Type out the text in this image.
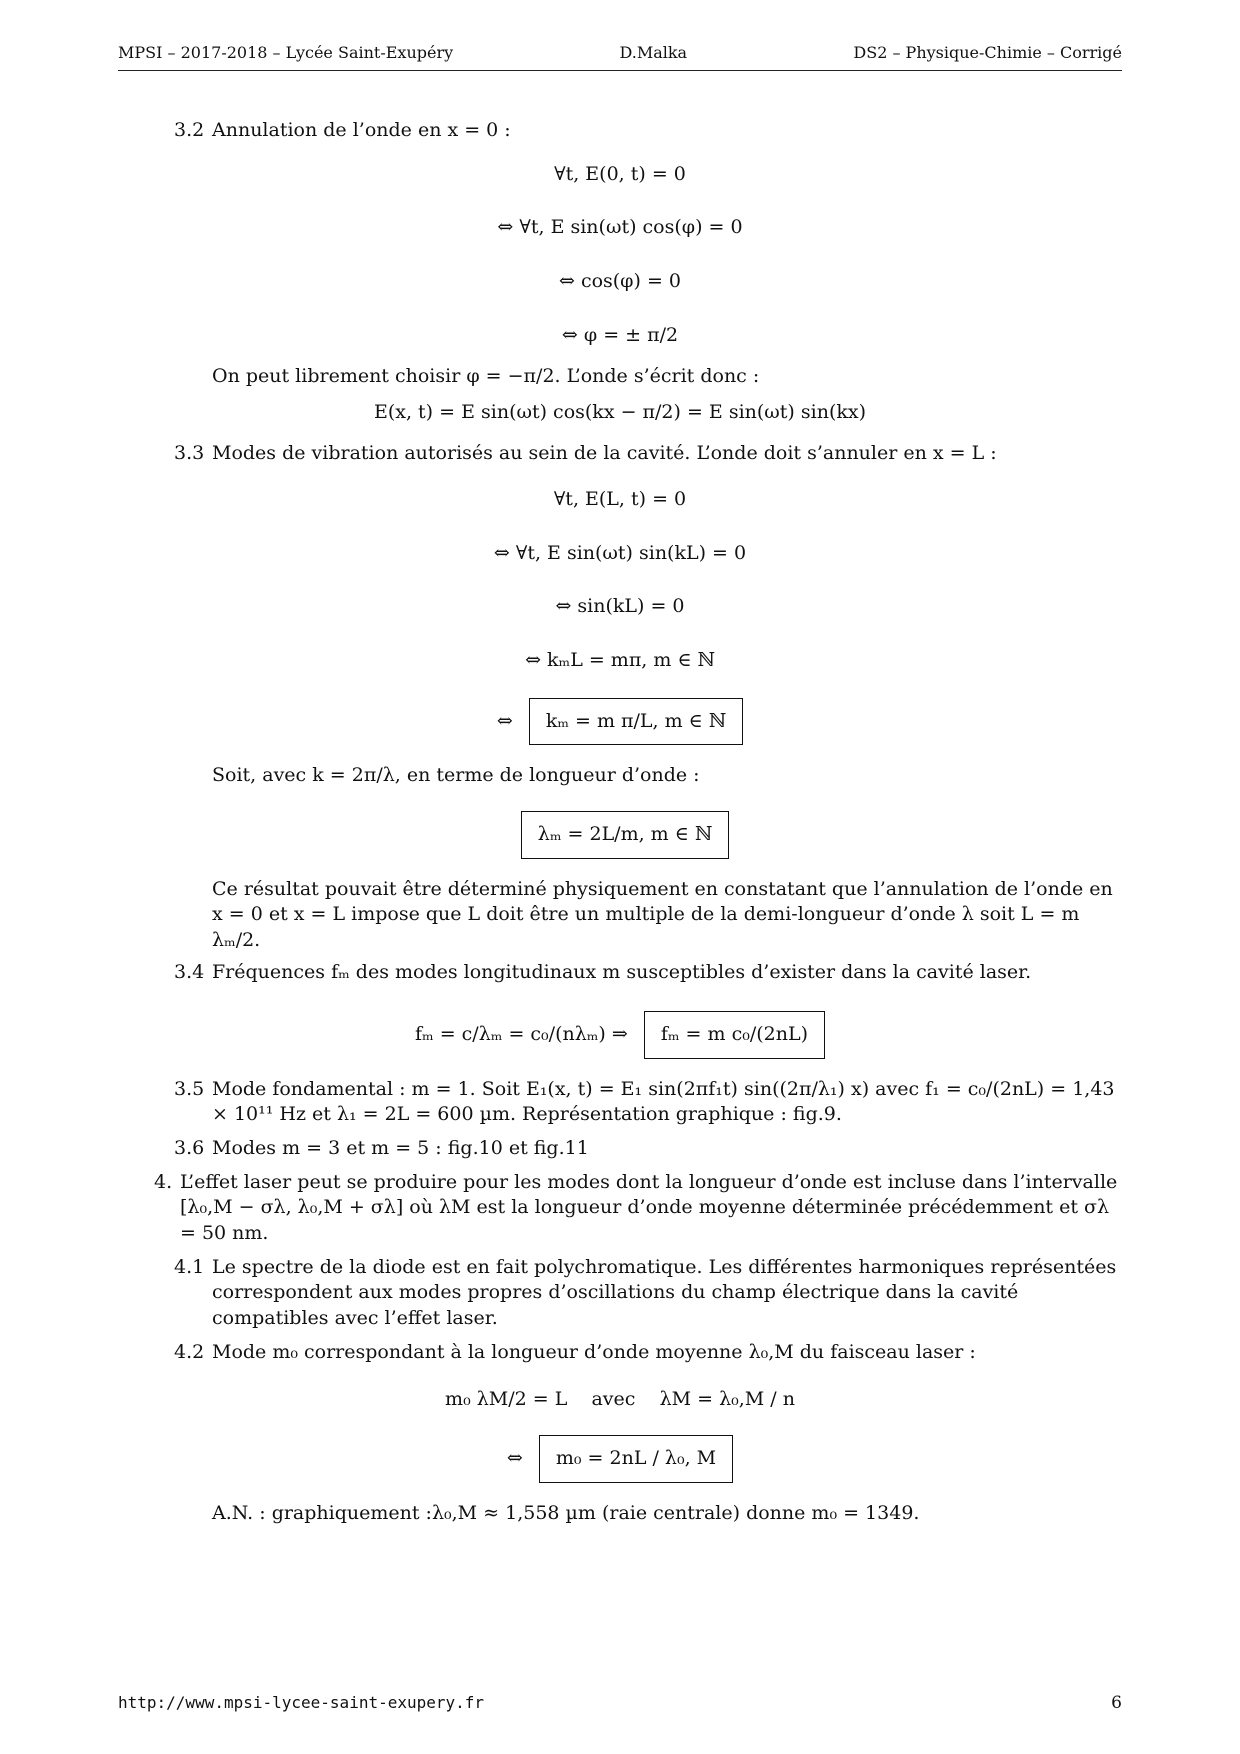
MPSI – 2017-2018 – Lycée Saint-Exupéry	D.Malka	DS2 – Physique-Chimie – Corrigé
3.2 Annulation de l’onde en x = 0 :
∀t, E(0, t) = 0
⇔ ∀t, E sin(ωt) cos(φ) = 0
⇔ cos(φ) = 0
⇔ φ = ± π/2
On peut librement choisir φ = −π/2. L’onde s’écrit donc :
E(x, t) = E sin(ωt) cos(kx − π/2) = E sin(ωt) sin(kx)
3.3 Modes de vibration autorisés au sein de la cavité. L’onde doit s’annuler en x = L :
∀t, E(L, t) = 0
⇔ ∀t, E sin(ωt) sin(kL) = 0
⇔ sin(kL) = 0
⇔ kₘL = mπ, m ∈ ℕ
⇔ kₘ = m π/L, m ∈ ℕ
Soit, avec k = 2π/λ, en terme de longueur d’onde :
λₘ = 2L/m, m ∈ ℕ
Ce résultat pouvait être déterminé physiquement en constatant que l’annulation de l’onde en x = 0 et x = L impose que L doit être un multiple de la demi-longueur d’onde λ soit L = m λₘ/2.
3.4 Fréquences fₘ des modes longitudinaux m susceptibles d’exister dans la cavité laser.
fₘ = c/λₘ = c₀/(nλₘ) ⇒ fₘ = m c₀/(2nL)
3.5 Mode fondamental : m = 1. Soit E₁(x, t) = E₁ sin(2πf₁t) sin((2π/λ₁) x) avec f₁ = c₀/(2nL) = 1,43 × 10¹¹ Hz et λ₁ = 2L = 600 µm. Représentation graphique : fig.9.
3.6 Modes m = 3 et m = 5 : fig.10 et fig.11
4. L’effet laser peut se produire pour les modes dont la longueur d’onde est incluse dans l’intervalle [λ₀,M − σλ, λ₀,M + σλ] où λM est la longueur d’onde moyenne déterminée précédemment et σλ = 50 nm.
4.1 Le spectre de la diode est en fait polychromatique. Les différentes harmoniques représentées correspondent aux modes propres d’oscillations du champ électrique dans la cavité compatibles avec l’effet laser.
4.2 Mode m₀ correspondant à la longueur d’onde moyenne λ₀,M du faisceau laser :
m₀ λM/2 = L    avec    λM = λ₀,M / n
⇔ m₀ = 2nL / λ₀, M
A.N. : graphiquement :λ₀,M ≈ 1,558 µm (raie centrale) donne m₀ = 1349.
http://www.mpsi-lycee-saint-exupery.fr	6
